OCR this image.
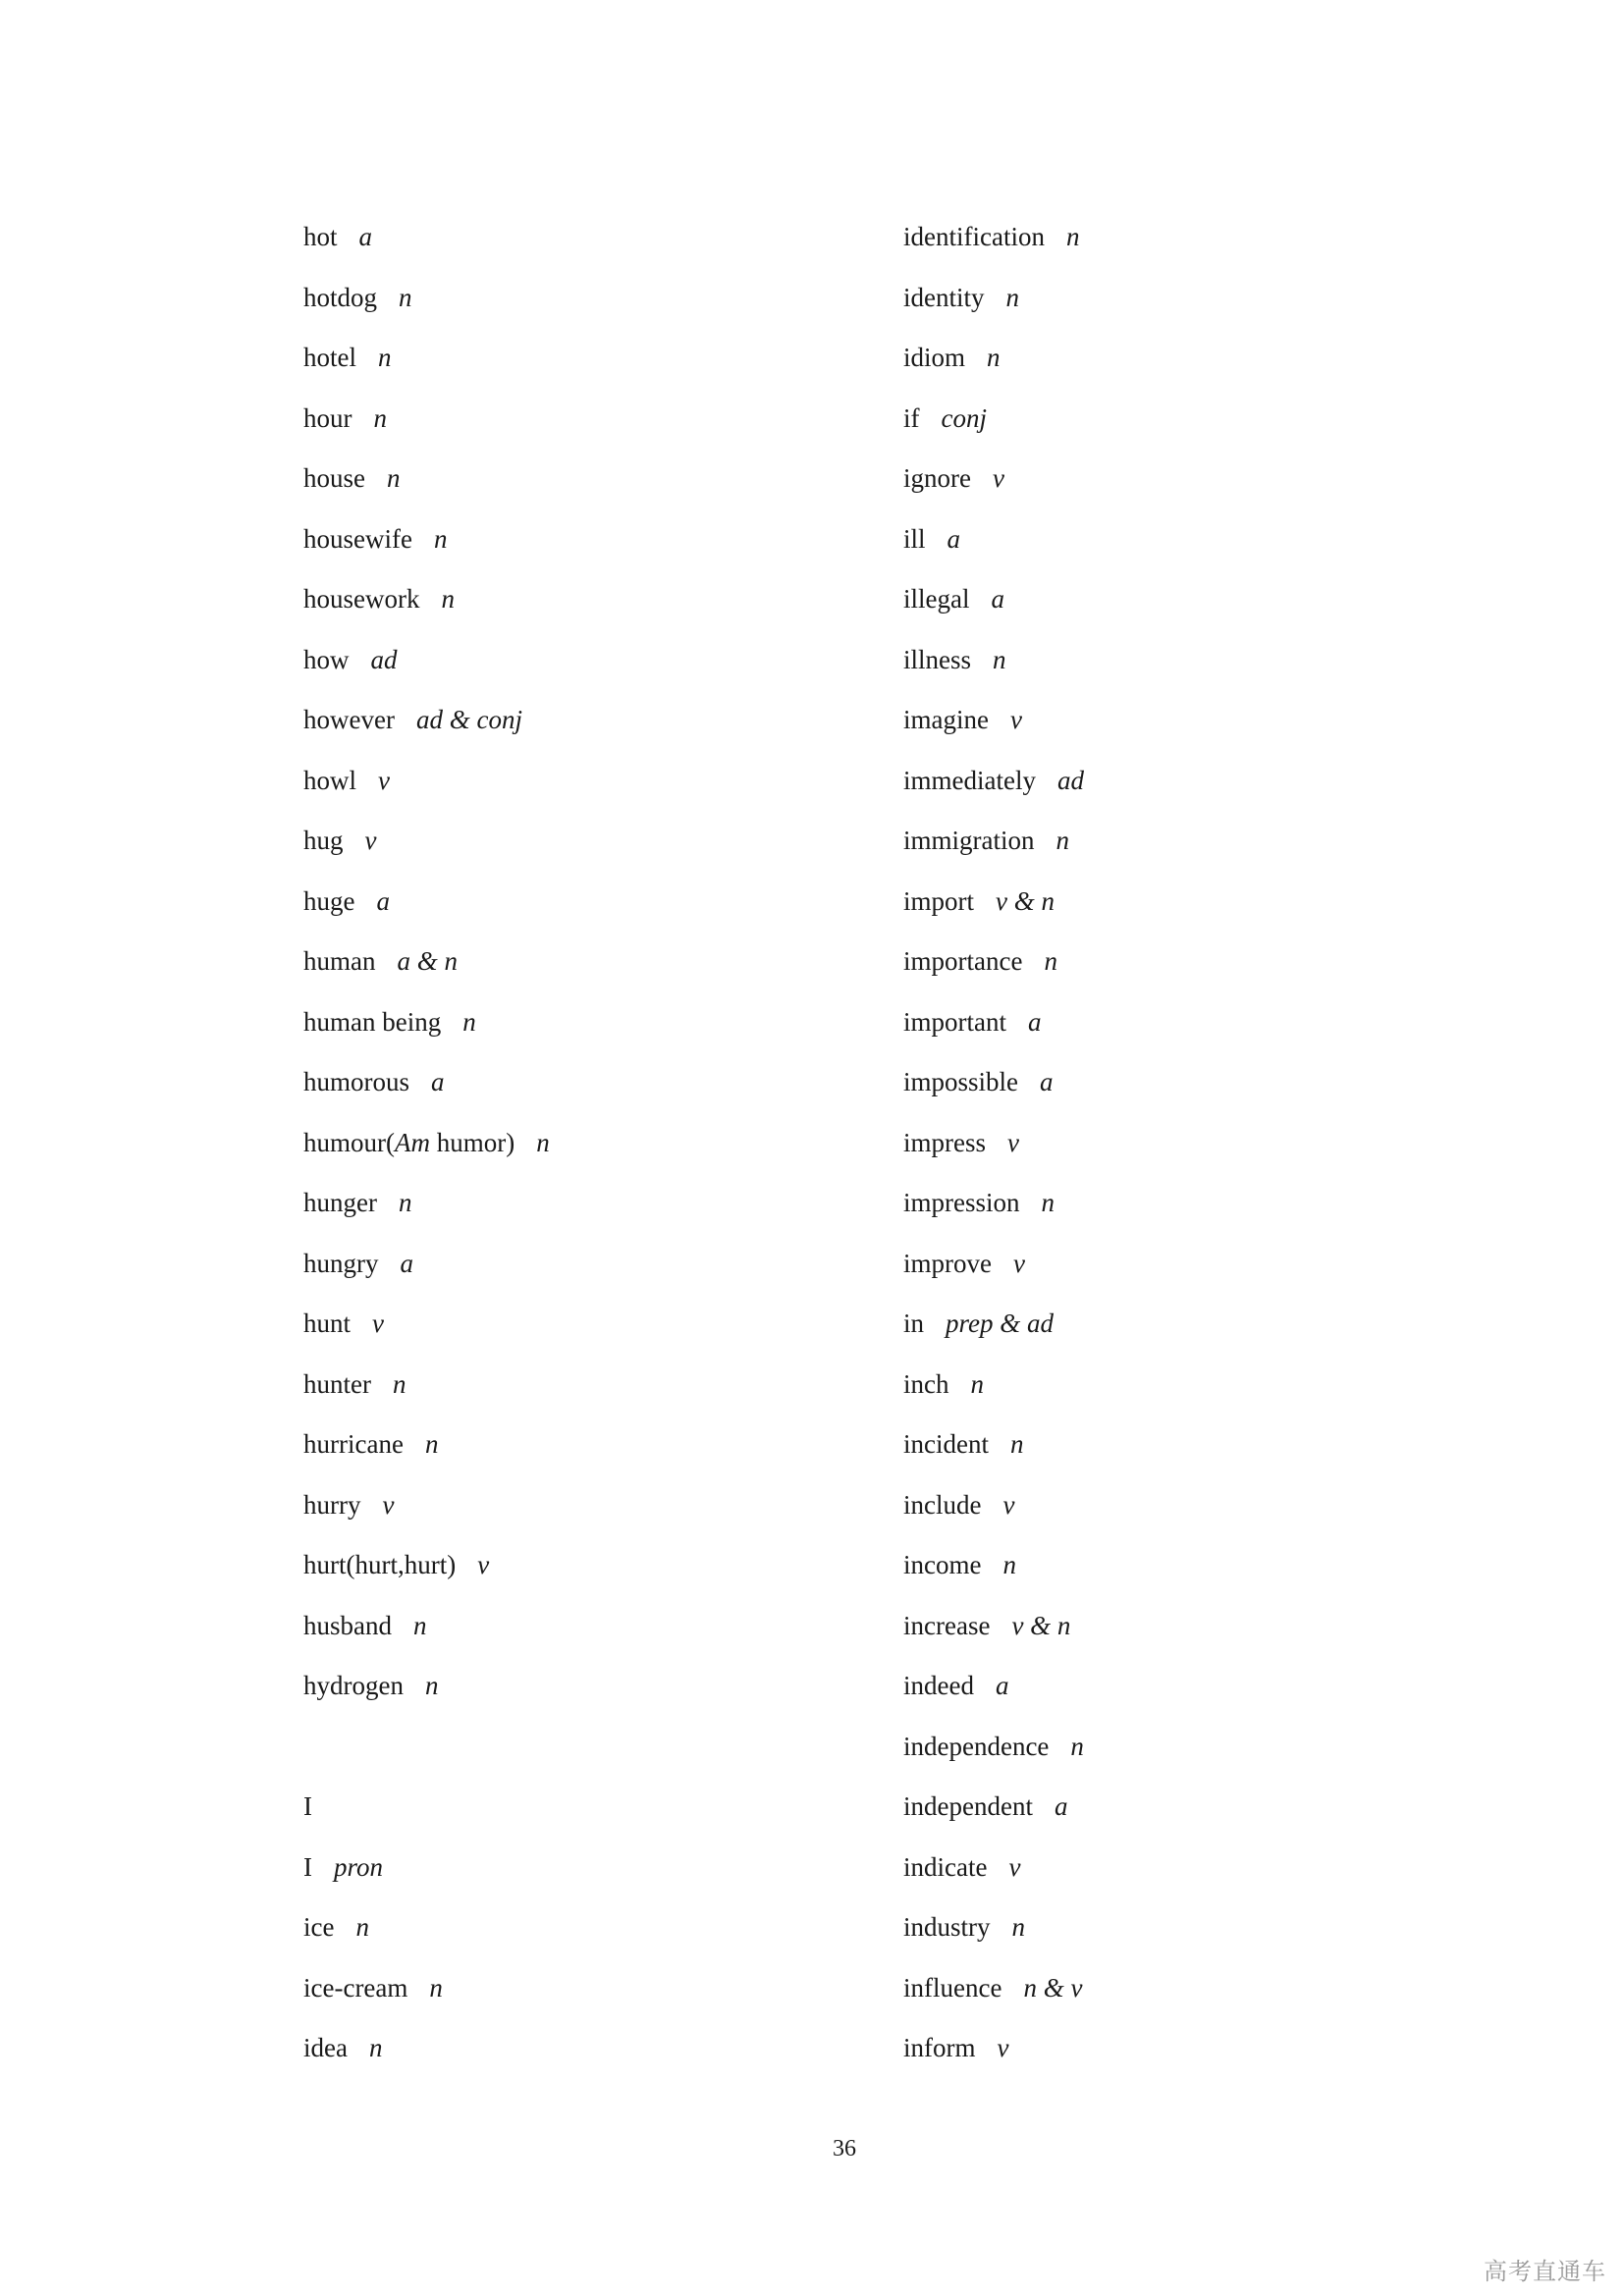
hot a
hotdog n
hotel n
hour n
house n
housewife n
housework n
how ad
however ad & conj
howl v
hug v
huge a
human a & n
human being n
humorous a
humour(Am humor) n
hunger n
hungry a
hunt v
hunter n
hurricane n
hurry v
hurt(hurt,hurt) v
husband n
hydrogen n
I
I pron
ice n
ice-cream n
idea n
identification n
identity n
idiom n
if conj
ignore v
ill a
illegal a
illness n
imagine v
immediately ad
immigration n
import v & n
importance n
important a
impossible a
impress v
impression n
improve v
in prep & ad
inch n
incident n
include v
income n
increase v & n
indeed a
independence n
independent a
indicate v
industry n
influence n & v
inform v
36
高考直通车
